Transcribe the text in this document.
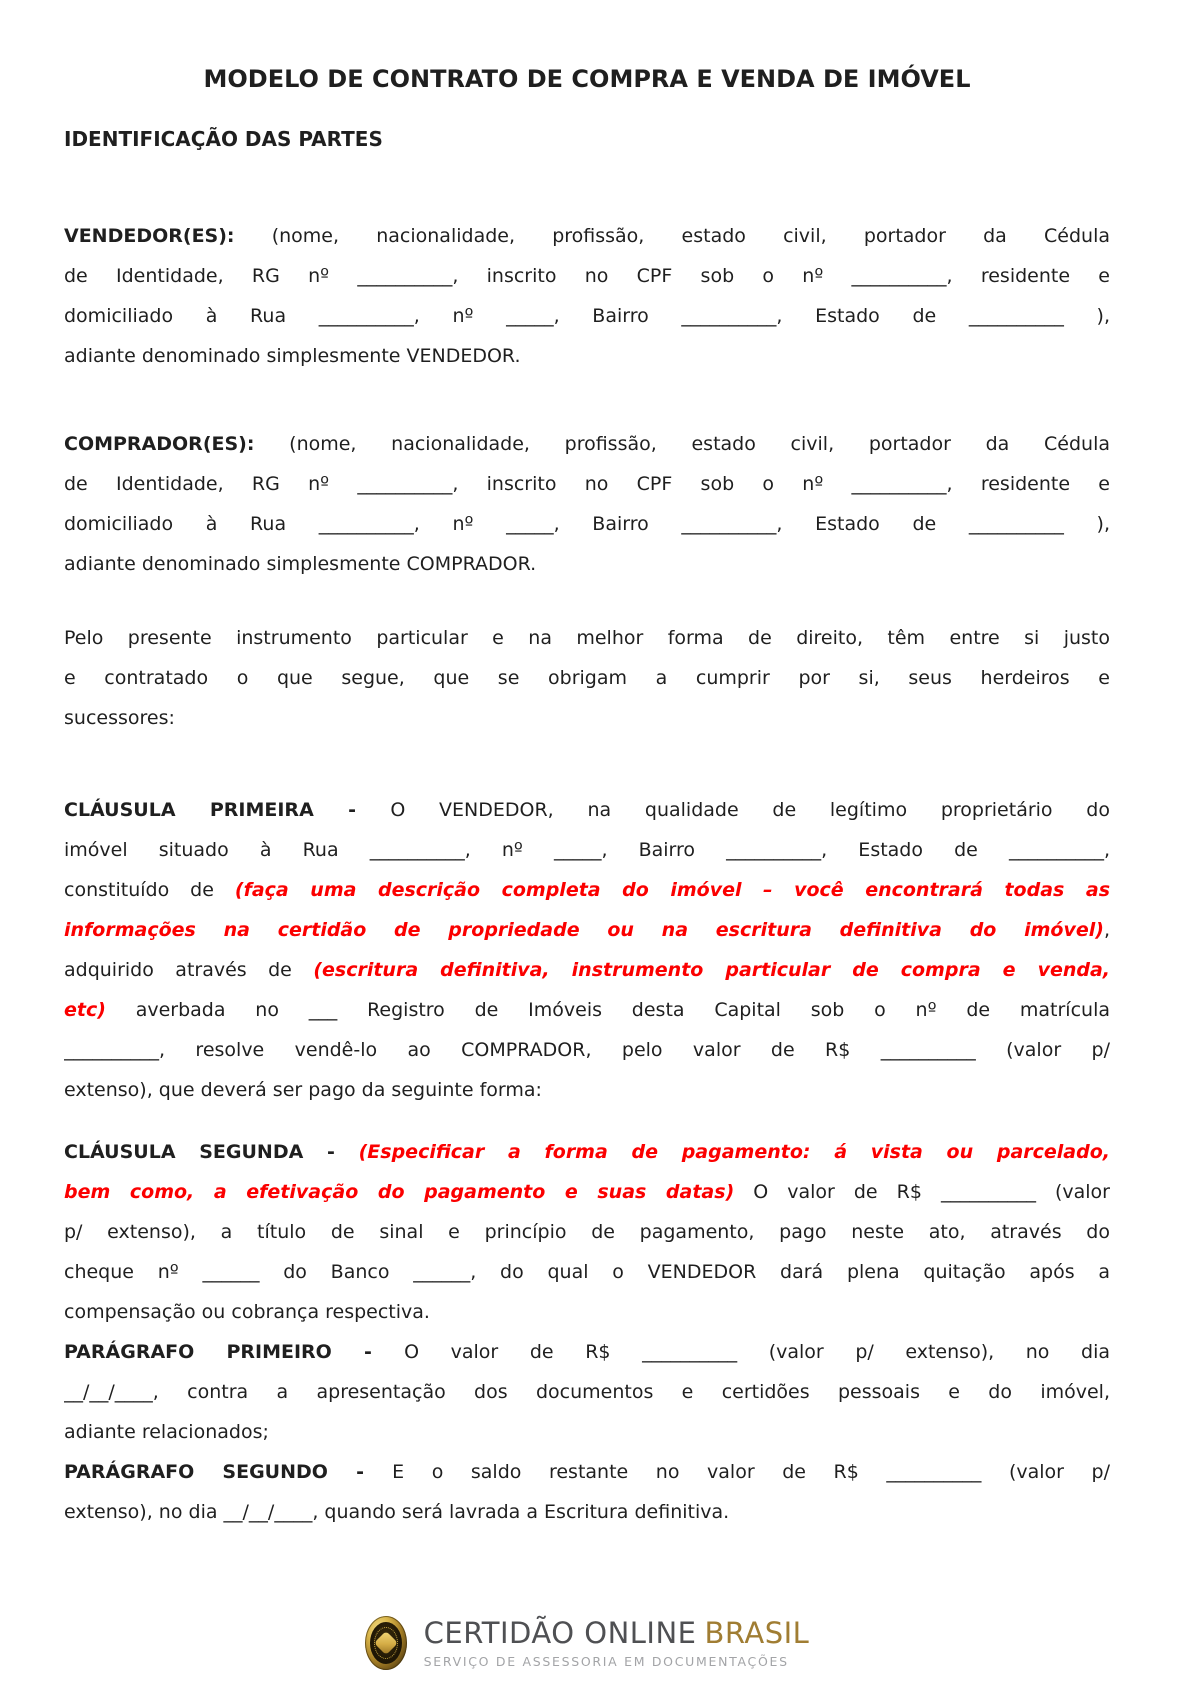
MODELO DE CONTRATO DE COMPRA E VENDA DE IMÓVEL
IDENTIFICAÇÃO DAS PARTES
VENDEDOR(ES): (nome, nacionalidade, profissão, estado civil, portador da Cédula
de Identidade, RG nº __________, inscrito no CPF sob o nº __________, residente e
domiciliado à Rua __________, nº _____, Bairro __________, Estado de __________ ),
adiante denominado simplesmente VENDEDOR.
COMPRADOR(ES): (nome, nacionalidade, profissão, estado civil, portador da Cédula
de Identidade, RG nº __________, inscrito no CPF sob o nº __________, residente e
domiciliado à Rua __________, nº _____, Bairro __________, Estado de __________ ),
adiante denominado simplesmente COMPRADOR.
Pelo presente instrumento particular e na melhor forma de direito, têm entre si justo
e contratado o que segue, que se obrigam a cumprir por si, seus herdeiros e
sucessores:
CLÁUSULA PRIMEIRA - O VENDEDOR, na qualidade de legítimo proprietário do
imóvel situado à Rua __________, nº _____, Bairro __________, Estado de __________,
constituído de (faça uma descrição completa do imóvel – você encontrará todas as
informações na certidão de propriedade ou na escritura definitiva do imóvel),
adquirido através de (escritura definitiva, instrumento particular de compra e venda,
etc) averbada no ___ Registro de Imóveis desta Capital sob o nº de matrícula
__________, resolve vendê-lo ao COMPRADOR, pelo valor de R$ __________ (valor p/
extenso), que deverá ser pago da seguinte forma:
CLÁUSULA SEGUNDA - (Especificar a forma de pagamento: á vista ou parcelado,
bem como, a efetivação do pagamento e suas datas) O valor de R$ __________ (valor
p/ extenso), a título de sinal e princípio de pagamento, pago neste ato, através do
cheque nº ______ do Banco ______, do qual o VENDEDOR dará plena quitação após a
compensação ou cobrança respectiva.
PARÁGRAFO PRIMEIRO - O valor de R$ __________ (valor p/ extenso), no dia
__/__/____, contra a apresentação dos documentos e certidões pessoais e do imóvel,
adiante relacionados;
PARÁGRAFO SEGUNDO - E o saldo restante no valor de R$ __________ (valor p/
extenso), no dia __/__/____, quando será lavrada a Escritura definitiva.
CERTIDÃO ONLINE BRASIL
SERVIÇO DE ASSESSORIA EM DOCUMENTAÇÕES
